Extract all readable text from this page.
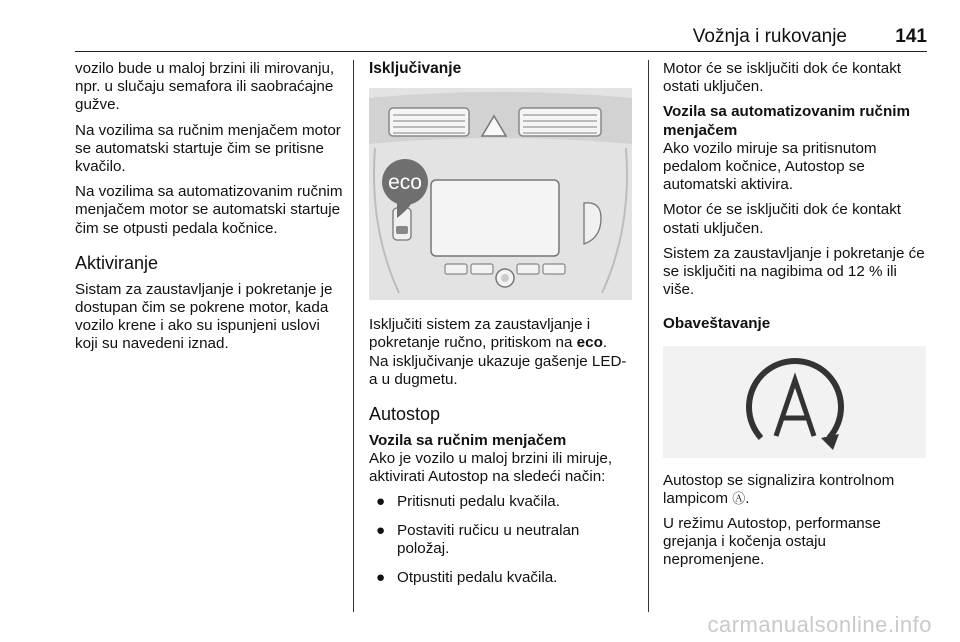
Vožnja i rukovanje	141

vozilo bude u maloj brzini ili mirovanju, npr. u slučaju semafora ili saobraćajne gužve.

Na vozilima sa ručnim menjačem motor se automatski startuje čim se pritisne kvačilo.

Na vozilima sa automatizovanim ručnim menjačem motor se automatski startuje čim se otpusti pedala kočnice.

Aktiviranje

Sistam za zaustavljanje i pokretanje je dostupan čim se pokrene motor, kada vozilo krene i ako su ispunjeni uslovi koji su navedeni iznad.

Isključivanje
eco

Isključiti sistem za zaustavljanje i pokretanje ručno, pritiskom na eco.
Na isključivanje ukazuje gašenje LED-a u dugmetu.

Autostop
Vozila sa ručnim menjačem

Ako je vozilo u maloj brzini ili miruje, aktivirati Autostop na sledeći način:

● Pritisnuti pedalu kvačila.
● Postaviti ručicu u neutralan položaj.
● Otpustiti pedalu kvačila.

Motor će se isključiti dok će kontakt ostati uključen.

Vozila sa automatizovanim ručnim menjačem

Ako vozilo miruje sa pritisnutom pedalom kočnice, Autostop se automatski aktivira.

Motor će se isključiti dok će kontakt ostati uključen.

Sistem za zaustavljanje i pokretanje će se isključiti na nagibima od 12 % ili više.

Obaveštavanje

Autostop se signalizira kontrolnom lampicom Ⓐ.

U režimu Autostop, performanse grejanja i kočenja ostaju nepromenjene.

carmanualsonline.info
